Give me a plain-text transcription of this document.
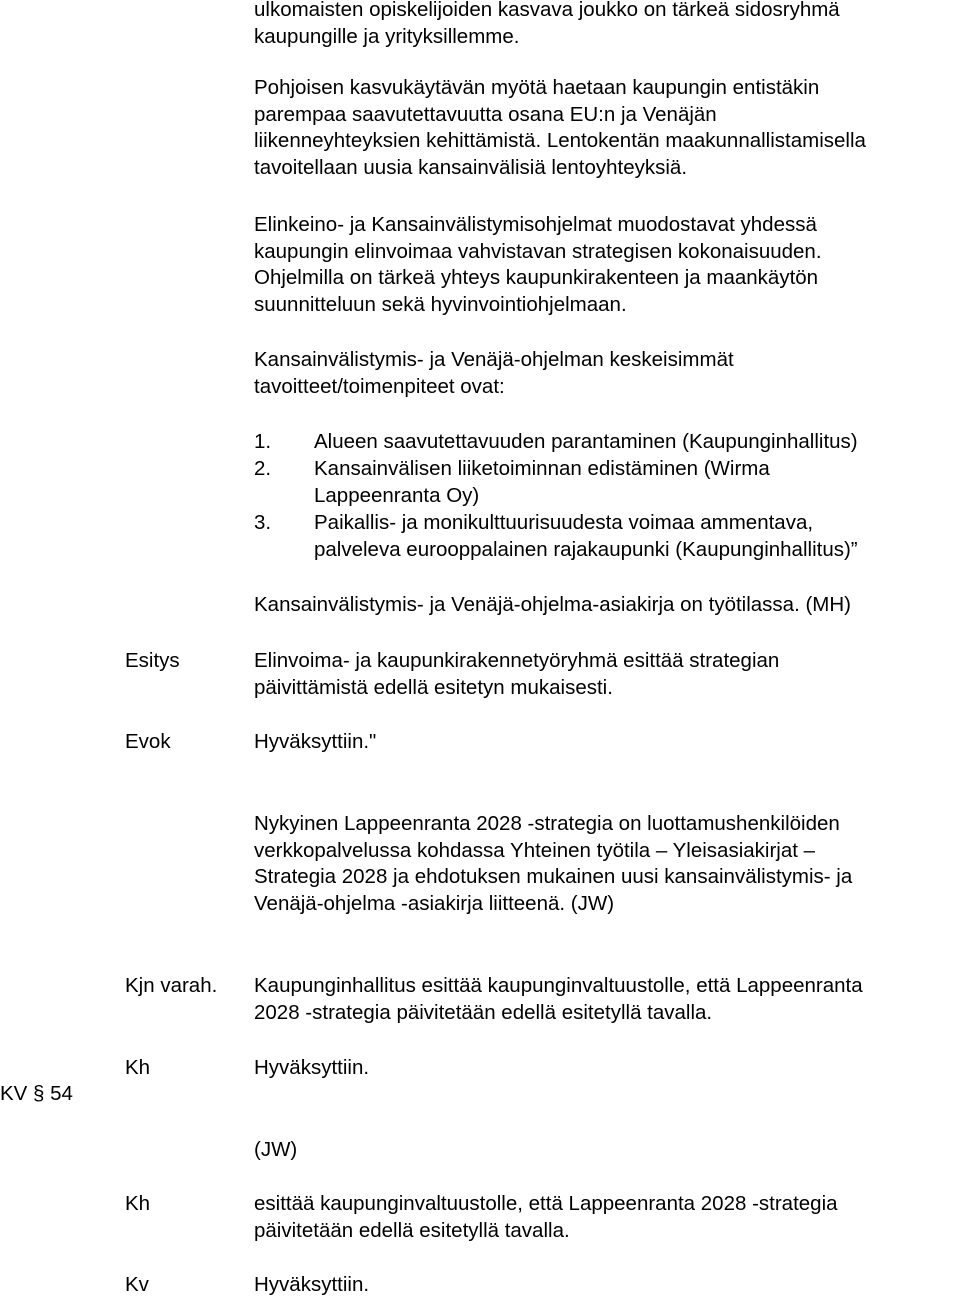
ulkomaisten opiskelijoiden kasvava joukko on tärkeä sidosryhmä
kaupungille ja yrityksillemme.

Pohjoisen kasvukäytävän myötä haetaan kaupungin entistäkin
parempaa saavutettavuutta osana EU:n ja Venäjän
liikenneyhteyksien kehittämistä. Lentokentän maakunnallistamisella
tavoitellaan uusia kansainvälisiä lentoyhteyksiä.

Elinkeino- ja Kansainvälistymisohjelmat muodostavat yhdessä
kaupungin elinvoimaa vahvistavan strategisen kokonaisuuden.
Ohjelmilla on tärkeä yhteys kaupunkirakenteen ja maankäytön
suunnitteluun sekä hyvinvointiohjelmaan.

Kansainvälistymis- ja Venäjä-ohjelman keskeisimmät
tavoitteet/toimenpiteet ovat:

1. Alueen saavutettavuuden parantaminen (Kaupunginhallitus)
2. Kansainvälisen liiketoiminnan edistäminen (Wirma
Lappeenranta Oy)
3. Paikallis- ja monikulttuurisuudesta voimaa ammentava,
palveleva eurooppalainen rajakaupunki (Kaupunginhallitus)”

Kansainvälistymis- ja Venäjä-ohjelma-asiakirja on työtilassa. (MH)

Esitys	Elinvoima- ja kaupunkirakennetyöryhmä esittää strategian
päivittämistä edellä esitetyn mukaisesti.

Evok	Hyväksyttiin."

Nykyinen Lappeenranta 2028 -strategia on luottamushenkilöiden
verkkopalvelussa kohdassa Yhteinen työtila – Yleisasiakirjat –
Strategia 2028 ja ehdotuksen mukainen uusi kansainvälistymis- ja
Venäjä-ohjelma -asiakirja liitteenä. (JW)

Kjn varah. Kaupunginhallitus esittää kaupunginvaltuustolle, että Lappeenranta
2028 -strategia päivitetään edellä esitetyllä tavalla.

KV § 54
Kh	Hyväksyttiin.
(JW)
Kh	esittää kaupunginvaltuustolle, että Lappeenranta 2028 -strategia
päivitetään edellä esitetyllä tavalla.

Kv	Hyväksyttiin.
